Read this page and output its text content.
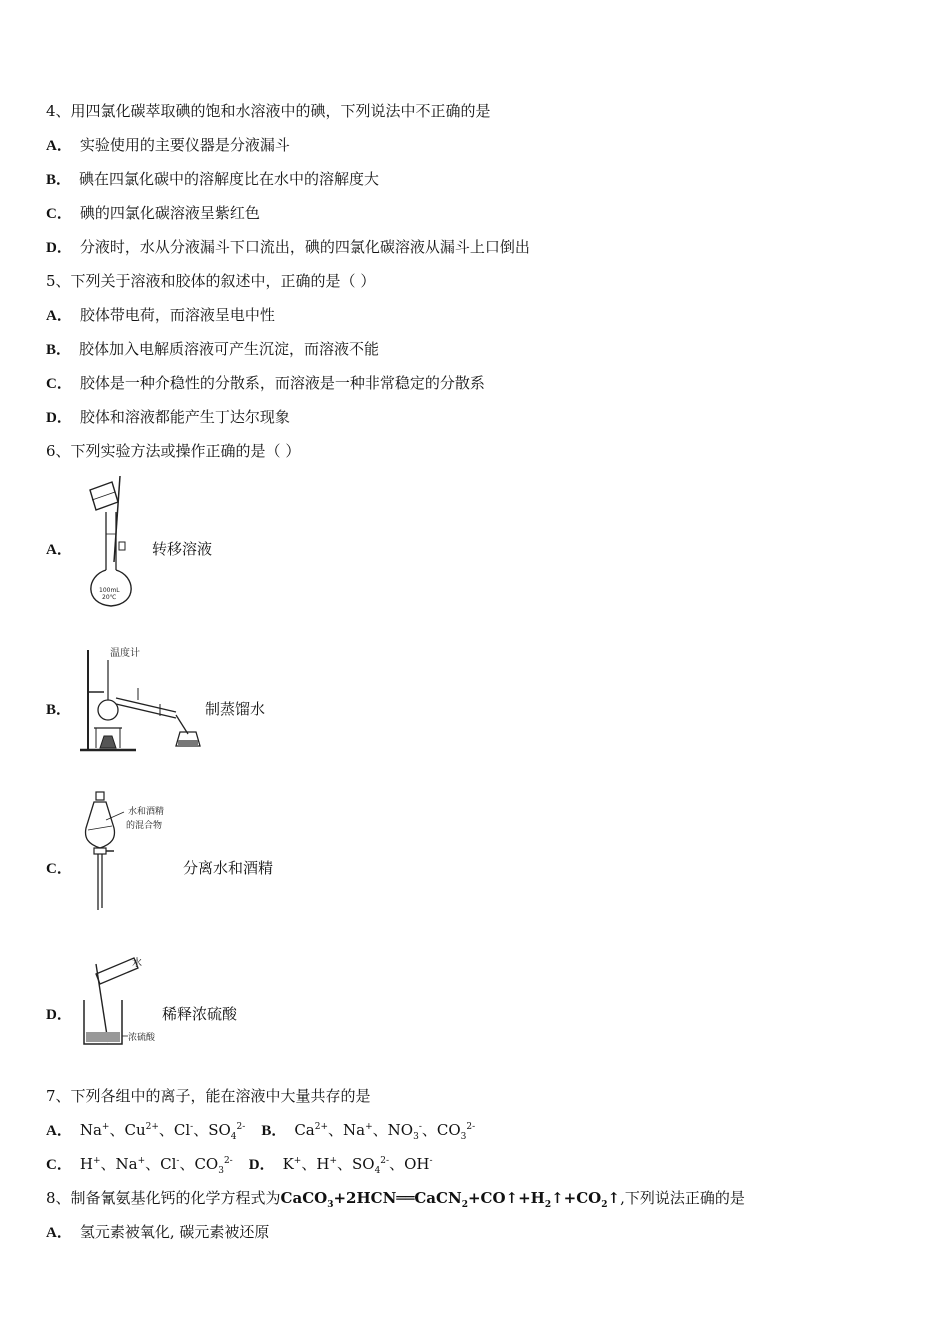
4、用四氯化碳萃取碘的饱和水溶液中的碘，下列说法中不正确的是
A． 实验使用的主要仪器是分液漏斗
B． 碘在四氯化碳中的溶解度比在水中的溶解度大
C． 碘的四氯化碳溶液呈紫红色
D． 分液时，水从分液漏斗下口流出，碘的四氯化碳溶液从漏斗上口倒出
5、下列关于溶液和胶体的叙述中，正确的是（ ）
A． 胶体带电荷，而溶液呈电中性
B． 胶体加入电解质溶液可产生沉淀，而溶液不能
C． 胶体是一种介稳性的分散系，而溶液是一种非常稳定的分散系
D． 胶体和溶液都能产生丁达尔现象
6、下列实验方法或操作正确的是（ ）
A．
100mL
20℃
转移溶液
B．
温度计
制蒸馏水
C．
水和酒精
的混合物
分离水和酒精
D．
水
浓硫酸
稀释浓硫酸
7、下列各组中的离子，能在溶液中大量共存的是
A． Na+、$Cu^{2+}$、Cl-、$SO_4^{2-}$ B． $Ca^{2+}$、Na+、$NO_3^-$、$CO_3^{2-}$
C． H+、Na+、Cl-、$CO_3^{2-}$ D． K+、H+、$SO_4^{2-}$、OH-
8、制备氰氨基化钙的化学方程式为$CaCO_3+2HCN══CaCN_2+CO↑+H_2↑+CO_2↑$,下列说法正确的是
A． 氢元素被氧化, 碳元素被还原
